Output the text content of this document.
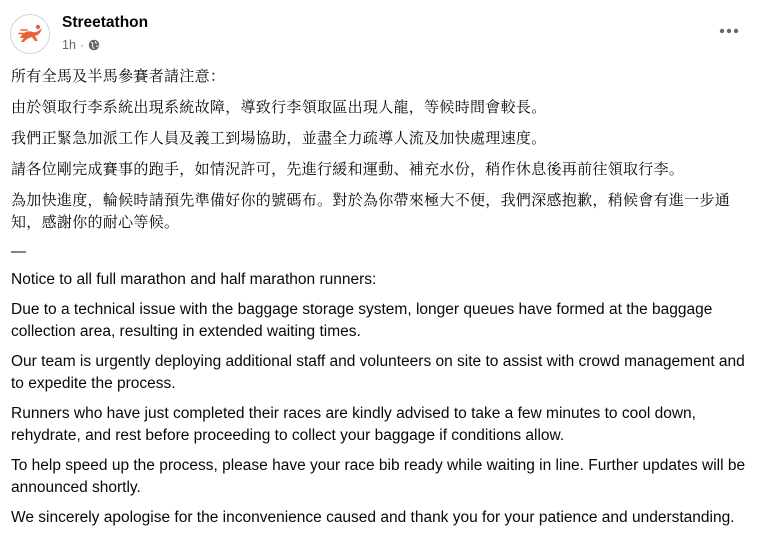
Streetathon
1h ·

所有全馬及半馬參賽者請注意：

由於領取行李系統出現系統故障，導致行李領取區出現人龍，等候時間會較長。

我們正緊急加派工作人員及義工到場協助，並盡全力疏導人流及加快處理速度。

請各位剛完成賽事的跑手，如情況許可，先進行緩和運動、補充水份，稍作休息後再前往領取行李。

為加快進度，輪候時請預先準備好你的號碼布。對於為你帶來極大不便，我們深感抱歉，稍候會有進一步通知，感謝你的耐心等候。

—

Notice to all full marathon and half marathon runners:

Due to a technical issue with the baggage storage system, longer queues have formed at the baggage collection area, resulting in extended waiting times.

Our team is urgently deploying additional staff and volunteers on site to assist with crowd management and to expedite the process.

Runners who have just completed their races are kindly advised to take a few minutes to cool down, rehydrate, and rest before proceeding to collect your baggage if conditions allow.

To help speed up the process, please have your race bib ready while waiting in line. Further updates will be announced shortly.

We sincerely apologise for the inconvenience caused and thank you for your patience and understanding.
